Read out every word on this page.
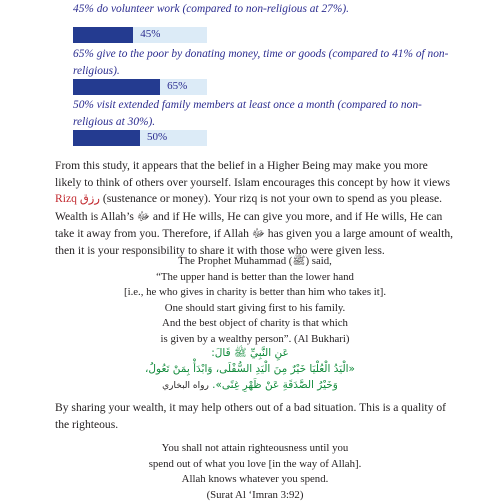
45% do volunteer work (compared to non-religious at 27%).
45%
65% give to the poor by donating money, time or goods (compared to 41% of non-religious).
65%
50% visit extended family members at least once a month (compared to non-religious at 30%).
50%
From this study, it appears that the belief in a Higher Being may make you more likely to think of others over yourself. Islam encourages this concept by how it views Rizq رزق (sustenance or money). Your rizq is not your own to spend as you please. Wealth is Allah’s ﷻ and if He wills, He can give you more, and if He wills, He can take it away from you. Therefore, if Allah ﷻ has given you a large amount of wealth, then it is your responsibility to share it with those who were given less.
The Prophet Muhammad (ﷺ) said,
“The upper hand is better than the lower hand
[i.e., he who gives in charity is better than him who takes it].
One should start giving first to his family.
And the best object of charity is that which
is given by a wealthy person”. (Al Bukhari)
عَنِ النَّبِيِّ ﷺ قَالَ:
«الْيَدُ الْعُلْيَا خَيْرٌ مِنَ الْيَدِ السُّفْلَى، وَابْدَأْ بِمَنْ تَعُولُ،
وَخَيْرُ الصَّدَقَةِ عَنْ ظَهْرِ غِنًى». رواه البخاري
By sharing your wealth, it may help others out of a bad situation. This is a quality of the righteous.
You shall not attain righteousness until you
spend out of what you love [in the way of Allah].
Allah knows whatever you spend.
(Surat Al ‘Imran 3:92)
